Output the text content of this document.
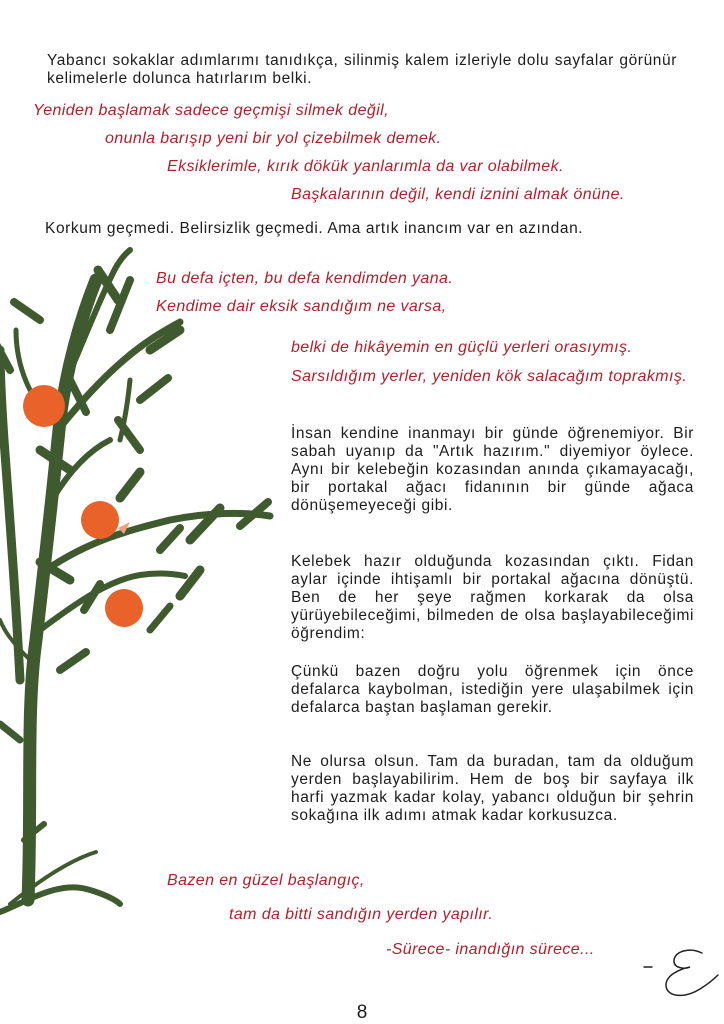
Yabancı sokaklar adımlarımı tanıdıkça, silinmiş kalem izleriyle dolu sayfalar görünür kelimelerle dolunca hatırlarım belki.

Yeniden başlamak sadece geçmişi silmek değil,

onunla barışıp yeni bir yol çizebilmek demek.

Eksiklerimle, kırık dökük yanlarımla da var olabilmek.

Başkalarının değil, kendi iznini almak önüne.

Korkum geçmedi. Belirsizlik geçmedi. Ama artık inancım var en azından.

Bu defa içten, bu defa kendimden yana.

Kendime dair eksik sandığım ne varsa,

belki de hikâyemin en güçlü yerleri orasıymış.

Sarsıldığım yerler, yeniden kök salacağım toprakmış.

İnsan kendine inanmayı bir günde öğrenemiyor. Bir sabah uyanıp da "Artık hazırım." diyemiyor öylece. Aynı bir kelebeğin kozasından anında çıkamayacağı, bir portakal ağacı fidanının bir günde ağaca dönüşemeyeceği gibi.

Kelebek hazır olduğunda kozasından çıktı. Fidan aylar içinde ihtişamlı bir portakal ağacına dönüştü. Ben de her şeye rağmen korkarak da olsa yürüyebileceğimi, bilmeden de olsa başlayabileceğimi öğrendim:

Çünkü bazen doğru yolu öğrenmek için önce defalarca kaybolman, istediğin yere ulaşabilmek için defalarca baştan başlaman gerekir.

Ne olursa olsun. Tam da buradan, tam da olduğum yerden başlayabilirim. Hem de boş bir sayfaya ilk harfi yazmak kadar kolay, yabancı olduğun bir şehrin sokağına ilk adımı atmak kadar korkusuzca.

Bazen en güzel başlangıç,

tam da bitti sandığın yerden yapılır.

-Sürece- inandığın sürece...

8
